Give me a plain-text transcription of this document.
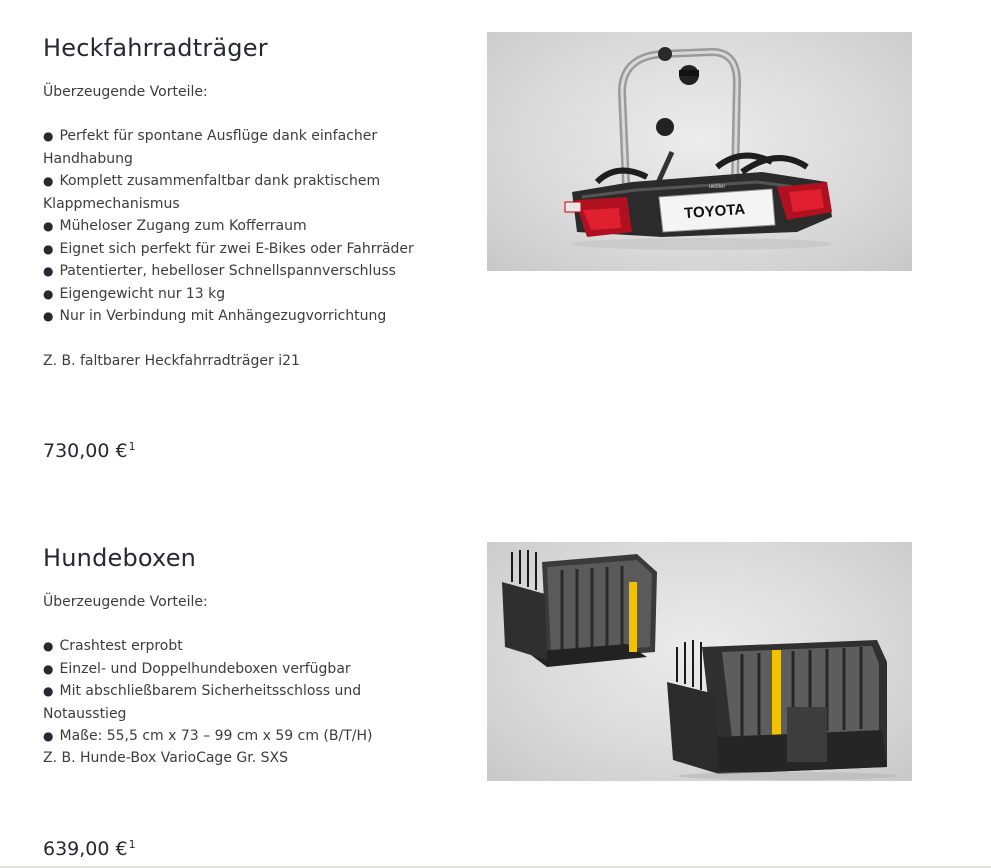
Heckfahrradträger

Überzeugende Vorteile:

● Perfekt für spontane Ausflüge dank einfacher Handhabung
● Komplett zusammenfaltbar dank praktischem Klappmechanismus
● Müheloser Zugang zum Kofferraum
● Eignet sich perfekt für zwei E-Bikes oder Fahrräder
● Patentierter, hebelloser Schnellspannverschluss
● Eigengewicht nur 13 kg
● Nur in Verbindung mit Anhängezugvorrichtung

Z. B. faltbarer Heckfahrradträger i21

730,00 €$^1$

TOYOTA
uebler
Hundeboxen

Überzeugende Vorteile:

● Crashtest erprobt
● Einzel- und Doppelhundeboxen verfügbar
● Mit abschließbarem Sicherheitsschloss und Notausstieg
● Maße: 55,5 cm x 73 – 99 cm x 59 cm (B/T/H)

Z. B. Hunde-Box VarioCage Gr. SXS

639,00 €$^1$
